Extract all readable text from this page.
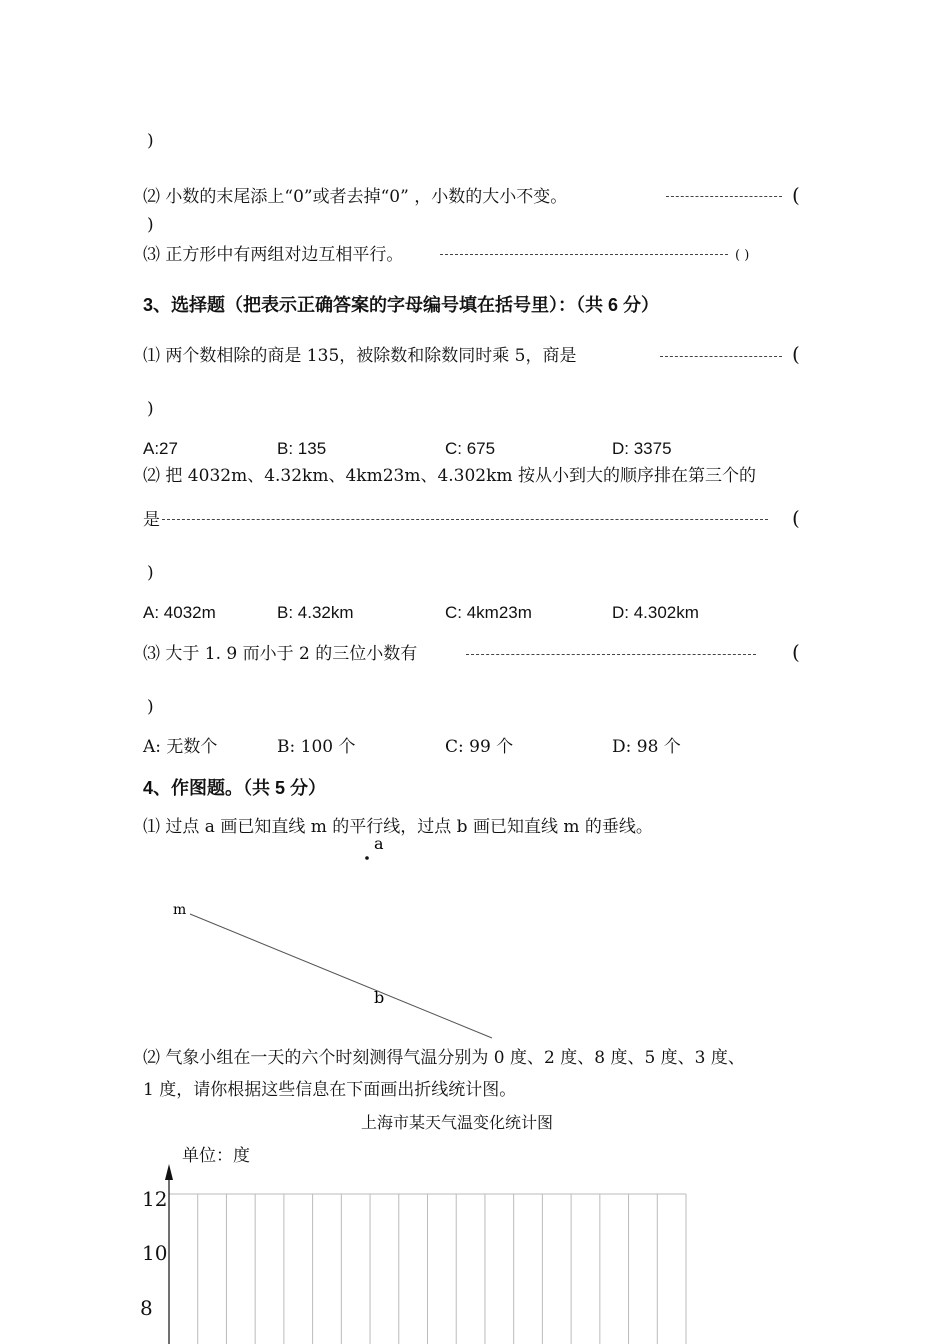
)
⑵ 小数的末尾添上“0”或者去掉“0” ，小数的大小不变。	(
)
⑶ 正方形中有两组对边互相平行。	( )
3、选择题（把表示正确答案的字母编号填在括号里）：（共 6 分）
⑴ 两个数相除的商是 135，被除数和除数同时乘 5，商是	(
)
A:27	B: 135	C: 675	D: 3375
⑵ 把 4032m、4.32km、4km23m、4.302km 按从小到大的顺序排在第三个的
是	(
)
A: 4032m	B: 4.32km	C: 4km23m	D: 4.302km
⑶ 大于 1. 9 而小于 2 的三位小数有	(
)
A: 无数个	B: 100 个	C: 99 个	D: 98 个
4、作图题。（共 5 分）
⑴ 过点 a 画已知直线 m 的平行线，过点 b 画已知直线 m 的垂线。
a
m
b
⑵ 气象小组在一天的六个时刻测得气温分别为 0 度、2 度、8 度、5 度、3 度、
1 度，请你根据这些信息在下面画出折线统计图。
上海市某天气温变化统计图
单位：度
12
10
8
